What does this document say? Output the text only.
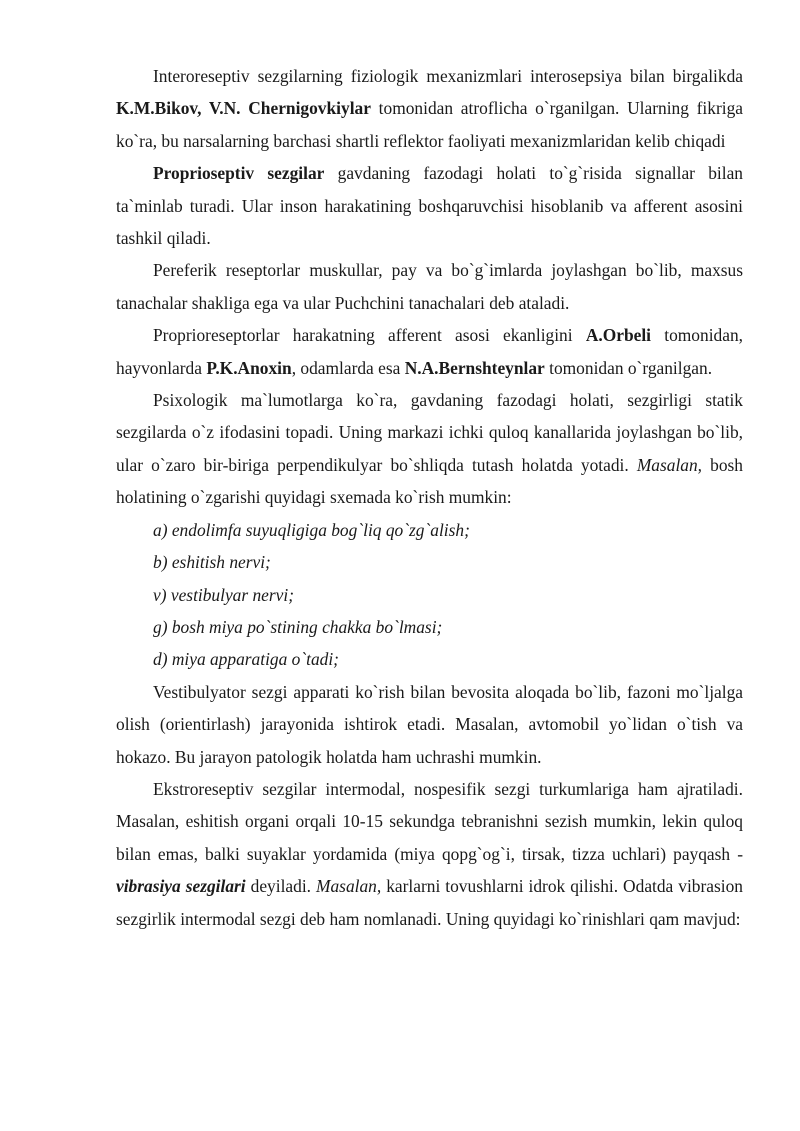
Interoreseptiv sezgilarning fiziologik mexanizmlari interosepsiya bilan birgalikda K.M.Bikov, V.N. Chernigovkiylar tomonidan atroflicha o`rganilgan. Ularning fikriga ko`ra, bu narsalarning barchasi shartli reflektor faoliyati mexanizmlaridan kelib chiqadi

Proprioseptiv sezgilar gavdaning fazodagi holati to`g`risida signallar bilan ta`minlab turadi. Ular inson harakatining boshqaruvchisi hisoblanib va afferent asosini tashkil qiladi.

Pereferik reseptorlar muskullar, pay va bo`g`imlarda joylashgan bo`lib, maxsus tanachalar shakliga ega va ular Puchchini tanachalari deb ataladi.

Proprioreseptorlar harakatning afferent asosi ekanligini A.Orbeli tomonidan, hayvonlarda P.K.Anoxin, odamlarda esa N.A.Bernshteynlar tomonidan o`rganilgan.

Psixologik ma`lumotlarga ko`ra, gavdaning fazodagi holati, sezgirligi statik sezgilarda o`z ifodasini topadi. Uning markazi ichki quloq kanallarida joylashgan bo`lib, ular o`zaro bir-biriga perpendikulyar bo`shliqda tutash holatda yotadi. Masalan, bosh holatining o`zgarishi quyidagi sxemada ko`rish mumkin:

a) endolimfa suyuqligiga bog`liq qo`zg`alish;

b) eshitish nervi;

v) vestibulyar nervi;

g) bosh miya po`stining chakka bo`lmasi;

d) miya apparatiga o`tadi;

Vestibulyator sezgi apparati ko`rish bilan bevosita aloqada bo`lib, fazoni mo`ljalga olish (orientirlash) jarayonida ishtirok etadi. Masalan, avtomobil yo`lidan o`tish va hokazo. Bu jarayon patologik holatda ham uchrashi mumkin.

Ekstroreseptiv sezgilar intermodal, nospesifik sezgi turkumlariga ham ajratiladi. Masalan, eshitish organi orqali 10-15 sekundga tebranishni sezish mumkin, lekin quloq bilan emas, balki suyaklar yordamida (miya qopg`og`i, tirsak, tizza uchlari) payqash - vibrasiya sezgilari deyiladi. Masalan, karlarni tovushlarni idrok qilishi. Odatda vibrasion sezgirlik intermodal sezgi deb ham nomlanadi. Uning quyidagi ko`rinishlari qam mavjud:
